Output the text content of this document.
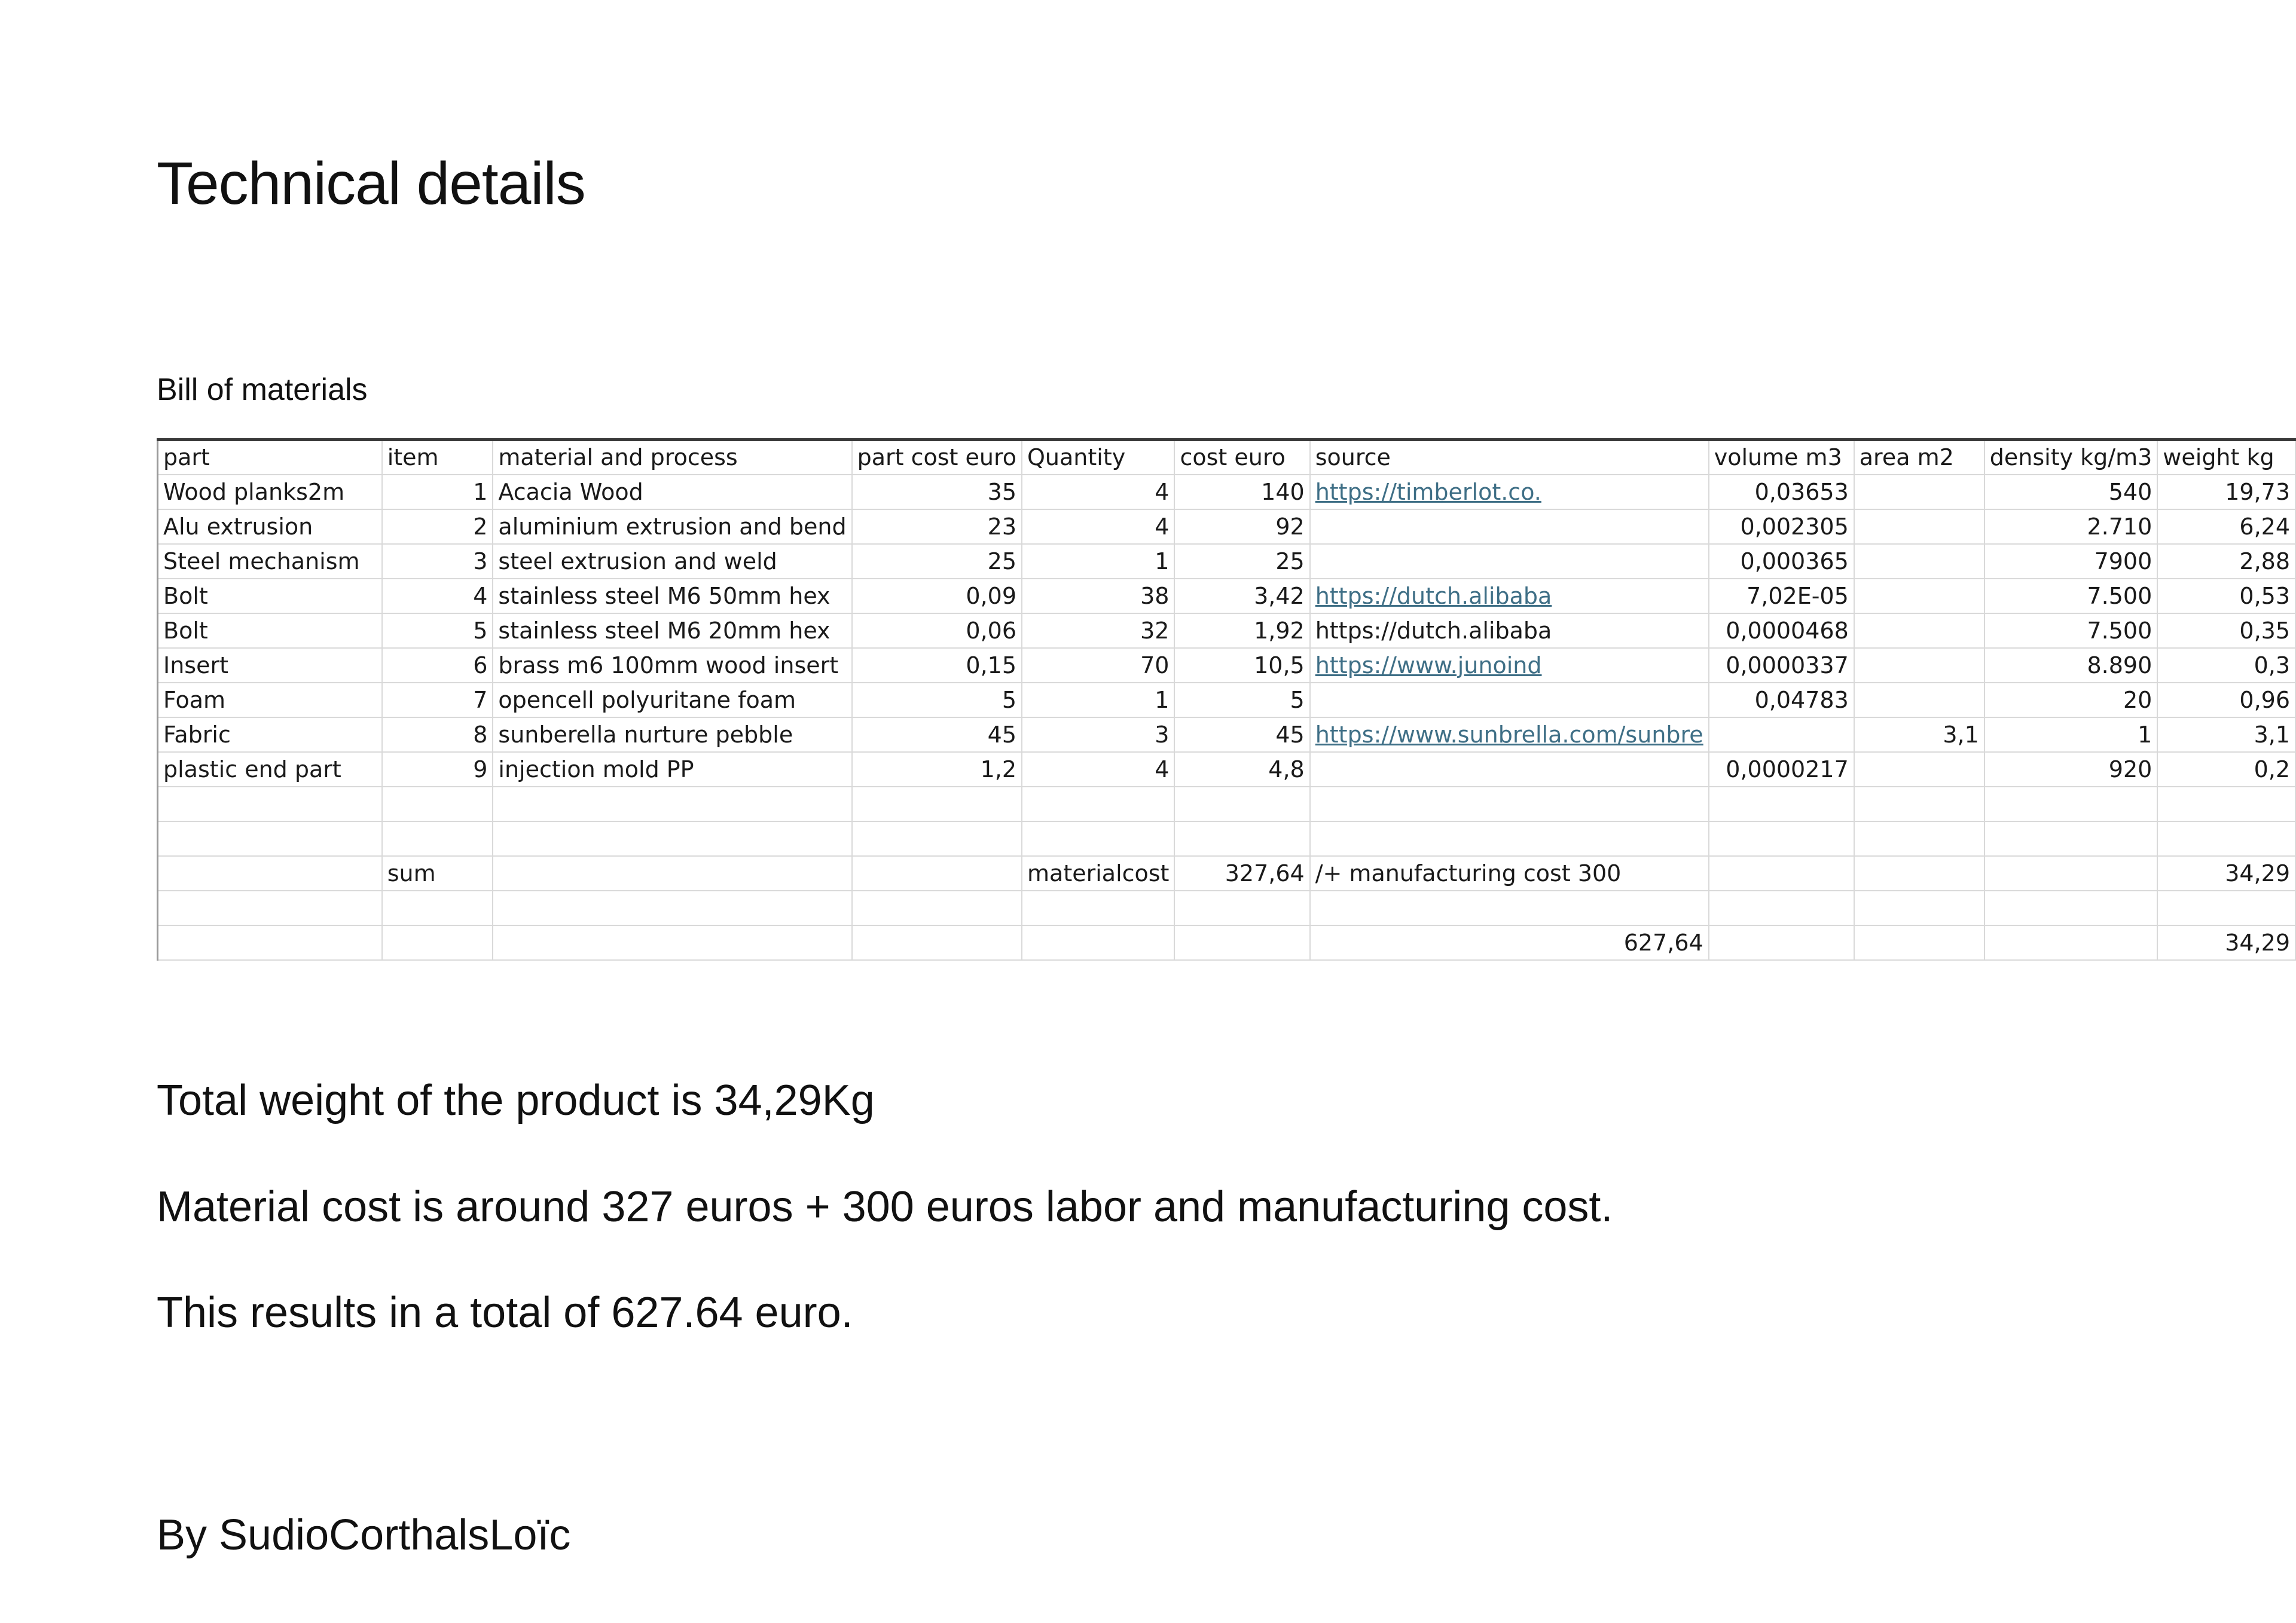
Technical details
Bill of materials
part	item	material and process	part cost euro	Quantity	cost euro	source	volume m3	area m2	density kg/m3	weight kg
Wood planks2m	1	Acacia Wood	35	4	140	https://timberlot.co.	0,03653		540	19,73
Alu extrusion	2	aluminium extrusion and bend	23	4	92		0,002305		2.710	6,24
Steel mechanism	3	steel extrusion and weld	25	1	25		0,000365		7900	2,88
Bolt	4	stainless steel M6 50mm hex	0,09	38	3,42	https://dutch.alibaba	7,02E-05		7.500	0,53
Bolt	5	stainless steel M6 20mm hex	0,06	32	1,92	https://dutch.alibaba	0,0000468		7.500	0,35
Insert	6	brass m6 100mm wood insert	0,15	70	10,5	https://www.junoind	0,0000337		8.890	0,3
Foam	7	opencell polyuritane foam	5	1	5		0,04783		20	0,96
Fabric	8	sunberella nurture pebble	45	3	45	https://www.sunbrella.com/sunbre		3,1	1	3,1
plastic end part	9	injection mold PP	1,2	4	4,8		0,0000217		920	0,2

	sum			materialcost	327,64	/+ manufacturing cost 300				34,29

						627,64				34,29

Total weight of the product is 34,29Kg

Material cost is around 327 euros + 300 euros labor and manufacturing cost.

This results in a total of 627.64 euro.

By SudioCorthalsLoïc
